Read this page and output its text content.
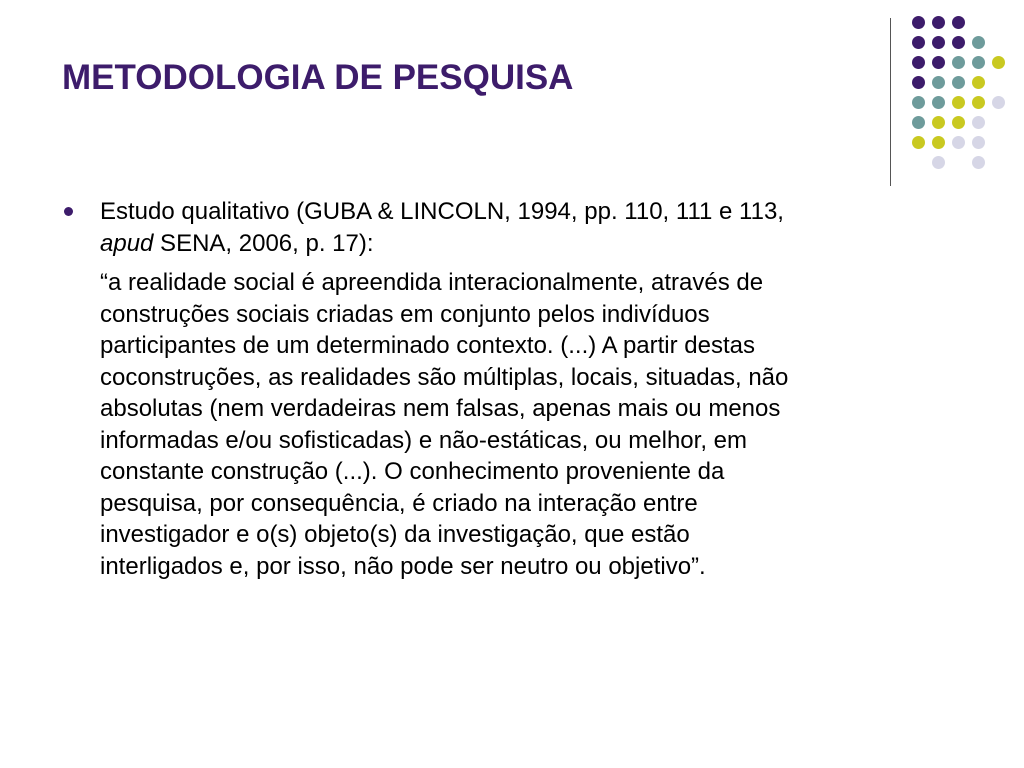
METODOLOGIA DE PESQUISA
Estudo qualitativo (GUBA & LINCOLN, 1994, pp. 110, 111 e 113,
apud SENA, 2006, p. 17):
“a realidade social é apreendida interacionalmente, através de
construções sociais criadas em conjunto pelos indivíduos
participantes de um determinado contexto. (...) A partir destas
coconstruções, as realidades são múltiplas, locais, situadas, não
absolutas (nem verdadeiras nem falsas, apenas mais ou menos
informadas e/ou sofisticadas) e não-estáticas, ou melhor, em
constante construção (...). O conhecimento proveniente da
pesquisa, por consequência, é criado na interação entre
investigador e o(s) objeto(s) da investigação, que estão
interligados e, por isso, não pode ser neutro ou objetivo”.
